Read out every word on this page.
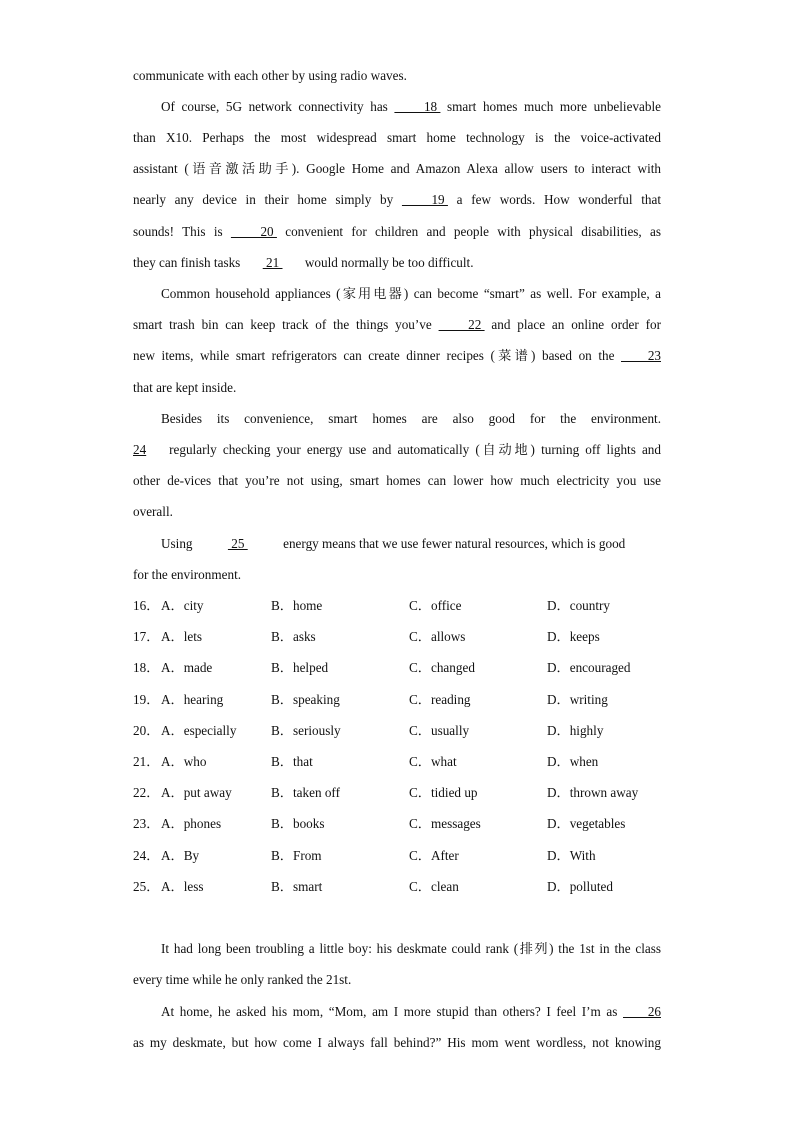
communicate with each other by using radio waves.
Of course, 5G network connectivity has  18  smart homes much more unbelievable
than X10. Perhaps the most widespread smart home technology is the voice-activated
assistant (语音激活助手). Google Home and Amazon Alexa allow users to interact with
nearly any device in their home simply by  19  a few words. How wonderful that
sounds! This is  20  convenient for children and people with physical disabilities, as
they can finish tasks  21  would normally be too difficult.
Common household appliances (家用电器) can become “smart” as well. For example, a
smart trash bin can keep track of the things you’ve  22  and place an online order for
new items, while smart refrigerators can create dinner recipes (菜谱) based on the  23
that are kept inside.
Besides its convenience, smart homes are also good for the environment.
24 regularly checking your energy use and automatically (自动地) turning off lights and
other de-vices that you’re not using, smart homes can lower how much electricity you use
overall.
Using  25  energy means that we use fewer natural resources, which is good
for the environment.
16． A．city	B．home	C．office	D．country
17． A．lets	B．asks	C．allows	D．keeps
18． A．made	B．helped	C．changed	D．encouraged
19． A．hearing	B．speaking	C．reading	D．writing
20． A．especially	B．seriously	C．usually	D．highly
21． A．who	B．that	C．what	D．when
22． A．put away	B．taken off	C．tidied up	D．thrown away
23． A．phones	B．books	C．messages	D．vegetables
24． A．By	B．From	C．After	D．With
25． A．less	B．smart	C．clean	D．polluted
It had long been troubling a little boy: his deskmate could rank (排列) the 1st in the class
every time while he only ranked the 21st.
At home, he asked his mom, “Mom, am I more stupid than others? I feel I’m as  26
as my deskmate, but how come I always fall behind?” His mom went wordless, not knowing
